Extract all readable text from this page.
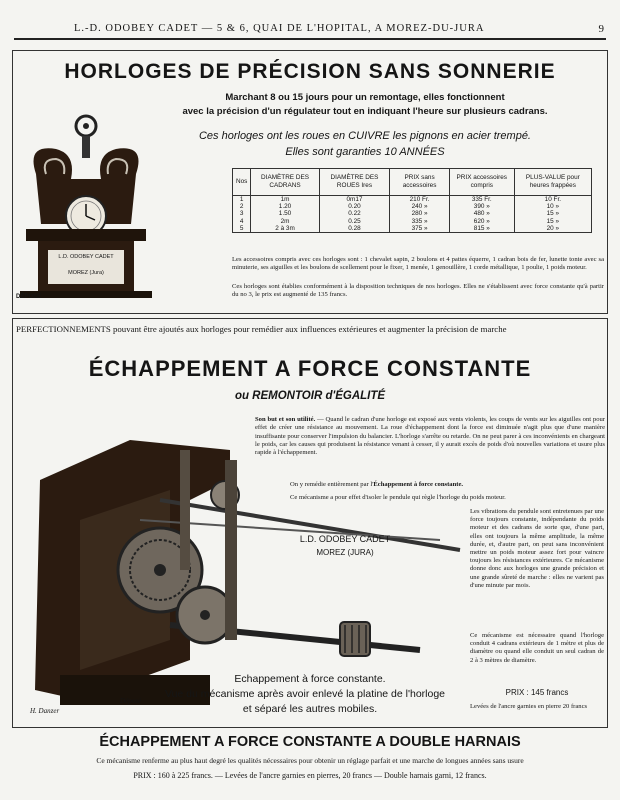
L.-D. ODOBEY CADET — 5 & 6, QUAI DE L'HOPITAL, A MOREZ-DU-JURA	9
HORLOGES DE PRÉCISION SANS SONNERIE
Marchant 8 ou 15 jours pour un remontage, elles fonctionnent
avec la précision d'un régulateur tout en indiquant l'heure sur plusieurs cadrans.
Ces horloges ont les roues en CUIVRE les pignons en acier trempé.
Elles sont garanties 10 ANNÉES
L.D. ODOBEY CADET
MOREZ (Jura)
DÉPOSÉ
Nos	DIAMÈTRE DES CADRANS	DIAMÈTRE DES ROUES Ires	PRIX sans accessoires	PRIX accessoires compris	PLUS-VALUE pour heures frappées
1	1m	0m17	210 Fr.	335 Fr.	10 Fr.
2	1.20	0.20	240 »	390 »	10 »
3	1.50	0.22	280 »	480 »	15 »
4	2m	0.25	335 »	620 »	15 »
5	2 à 3m	0.28	375 »	815 »	20 »
Les accessoires compris avec ces horloges sont : 1 chevalet sapin, 2 boulons et 4 pattes équerre, 1 cadran bois de fer, lunette tonte avec sa minuterie, ses aiguilles et les boulons de scellement pour le fixer, 1 menée, 1 genouillère, 1 corde métallique, 1 poulie, 1 poids moteur.
Ces horloges sont établies conformément à la disposition techniques de nos horloges. Elles ne s'établissent avec force constante qu'à partir du no 3, le prix est augmenté de 135 francs.
PERFECTIONNEMENTS pouvant être ajoutés aux horloges pour remédier aux influences extérieures et augmenter la précision de marche
ÉCHAPPEMENT A FORCE CONSTANTE
ou REMONTOIR d'ÉGALITÉ
Son but et son utilité. — Quand le cadran d'une horloge est exposé aux vents violents, les coups de vents sur les aiguilles ont pour effet de créer une résistance au mouvement. La roue d'échappement dont la force est diminuée n'agit plus que d'une manière insuffisante pour conserver l'impulsion du balancier. L'horloge s'arrête ou retarde. On ne peut parer à ces inconvénients en chargeant le poids, car les causes qui produisent la résistance venant à cesser, il y aurait excès de poids d'où nouvelles variations et usure plus rapide à l'échappement.
On y remédie entièrement par l'Échappement à force constante.
Ce mécanisme a pour effet d'isoler le pendule qui règle l'horloge du poids moteur.
L.D. ODOBEY CADET
MOREZ (JURA)
Déposé
H. Danzer
Les vibrations du pendule sont entretenues par une force toujours constante, indépendante du poids moteur et des cadrans de sorte que, d'une part, elles ont toujours la même amplitude, la même durée, et, d'autre part, on peut sans inconvénient mettre un poids moteur assez fort pour vaincre toujours les résistances extérieures. Ce mécanisme donne donc aux horloges une grande précision et une grande sûreté de marche : elles ne varient pas d'une minute par mois.
Ce mécanisme est nécessaire quand l'horloge conduit 4 cadrans extérieurs de 1 mètre et plus de diamètre ou quand elle conduit un seul cadran de 2 à 3 mètres de diamètre.
PRIX : 145 francs
Levées de l'ancre garnies en pierre 20 francs
Echappement à force constante.
Vue du mécanisme après avoir enlevé la platine de l'horloge
et séparé les autres mobiles.
ÉCHAPPEMENT A FORCE CONSTANTE A DOUBLE HARNAIS
Ce mécanisme renferme au plus haut degré les qualités nécessaires pour obtenir un réglage parfait et une marche de longues années sans usure
PRIX : 160 à 225 francs. — Levées de l'ancre garnies en pierres, 20 francs — Double harnais garni, 12 francs.
